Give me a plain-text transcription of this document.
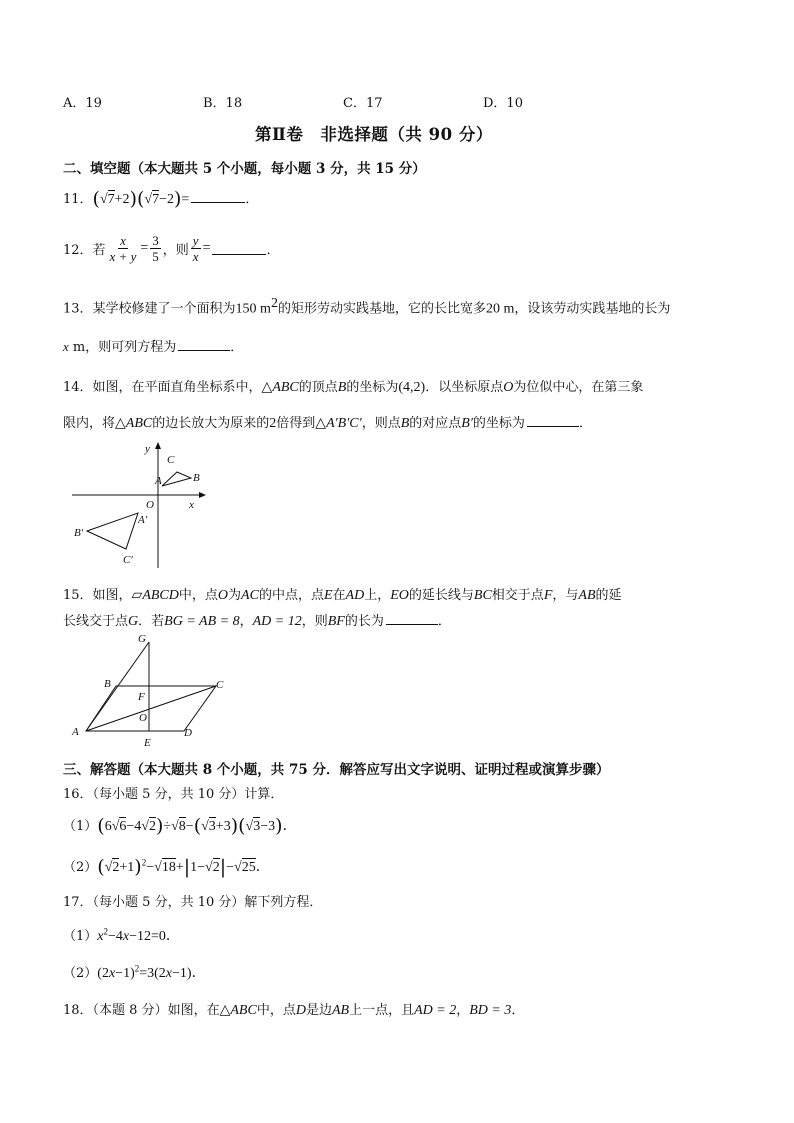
A．19	B．18	C．17	D．10
第Ⅱ卷　非选择题（共 90 分）
二、填空题（本大题共 5 个小题，每小题 3 分，共 15 分）
11．(√7+2)(√7−2)=	．
12．若 $\frac{x}{x + y} = \frac{3}{5}$ ，则 $\frac{y}{x}$ =	．
13．某学校修建了一个面积为150 $m^2$的矩形劳动实践基地，它的长比宽多20 m，设该劳动实践基地的长为
x m，则可列方程为	．
14．如图，在平面直角坐标系中，△ABC的顶点B的坐标为(4,2)．以坐标原点O为位似中心，在第三象
限内，将△ABC的边长放大为原来的2倍得到△A′B′C′，则点B的对应点B′的坐标为	．
y
x
O
A
C
B
B′
A′
C′
15．如图，▱ABCD中，点O为AC的中点，点E在AD上，EO的延长线与BC相交于点F，与AB的延
长线交于点G．若BG = AB = 8，AD = 12，则BF的长为	．
G
B	C
F
O
A
E
D
三、解答题（本大题共 8 个小题，共 75 分．解答应写出文字说明、证明过程或演算步骤）
16．（每小题 5 分，共 10 分）计算．
（1）(6√6−4√2)÷√8−(√3+3)(√3−3)．
$(2)(√2+1)^2-√18+|1-√2|-√25$．
17．（每小题 5 分，共 10 分）解下列方程．
$(1)x^2-4x-12=0$．
$(2)(2x-1)^2=3(2x-1)$．
18．（本题 8 分）如图，在△ABC中，点D是边AB上一点，且AD = 2，BD = 3．
